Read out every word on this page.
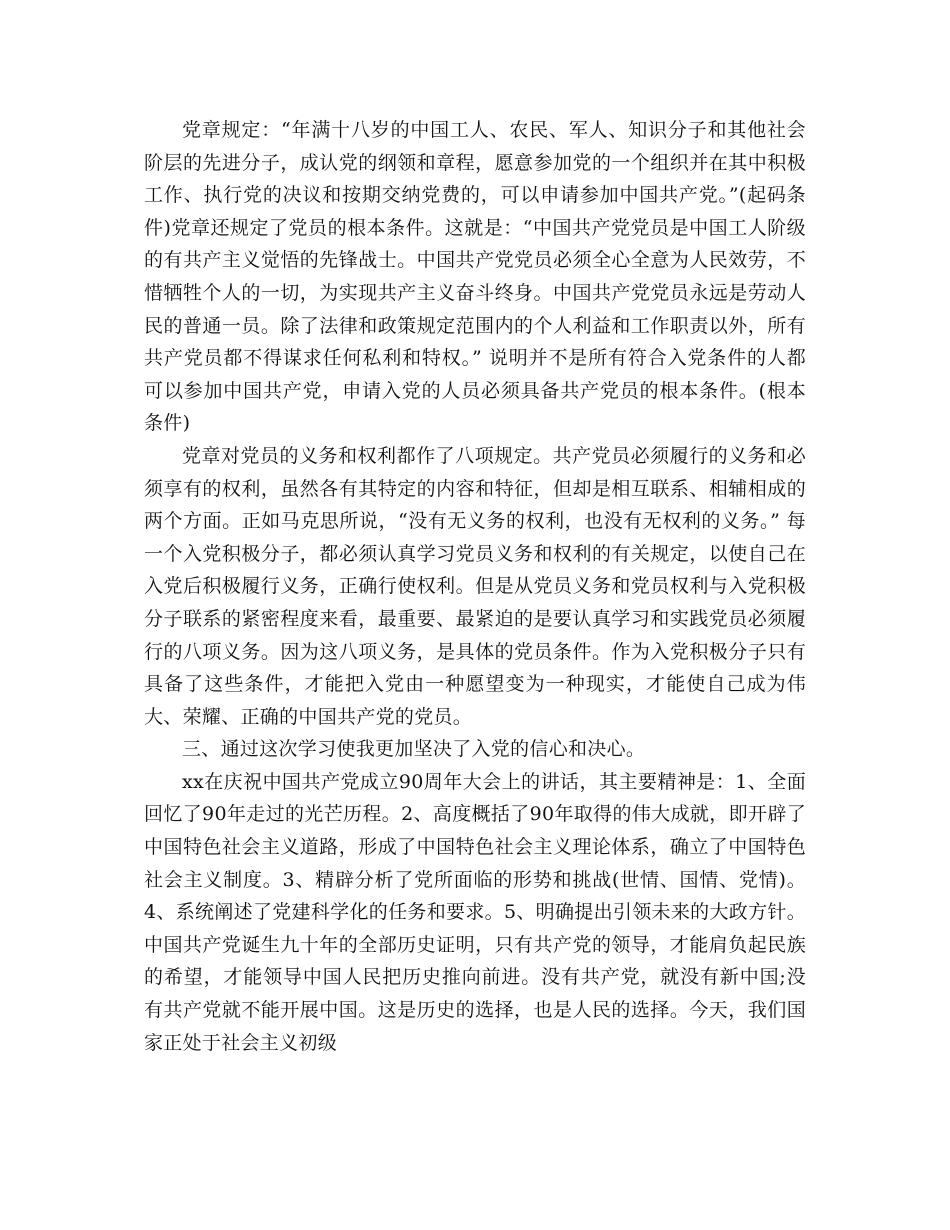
党章规定：“年满十八岁的中国工人、农民、军人、知识分子和其他社会阶层的先进分子，成认党的纲领和章程，愿意参加党的一个组织并在其中积极工作、执行党的决议和按期交纳党费的，可以申请参加中国共产党。”(起码条件)党章还规定了党员的根本条件。这就是：“中国共产党党员是中国工人阶级的有共产主义觉悟的先锋战士。中国共产党党员必须全心全意为人民效劳，不惜牺牲个人的一切，为实现共产主义奋斗终身。中国共产党党员永远是劳动人民的普通一员。除了法律和政策规定范围内的个人利益和工作职责以外，所有共产党员都不得谋求任何私利和特权。” 说明并不是所有符合入党条件的人都可以参加中国共产党，申请入党的人员必须具备共产党员的根本条件。(根本条件)

党章对党员的义务和权利都作了八项规定。共产党员必须履行的义务和必须享有的权利，虽然各有其特定的内容和特征，但却是相互联系、相辅相成的两个方面。正如马克思所说，“没有无义务的权利，也没有无权利的义务。” 每一个入党积极分子，都必须认真学习党员义务和权利的有关规定，以使自己在入党后积极履行义务，正确行使权利。但是从党员义务和党员权利与入党积极分子联系的紧密程度来看，最重要、最紧迫的是要认真学习和实践党员必须履行的八项义务。因为这八项义务，是具体的党员条件。作为入党积极分子只有具备了这些条件，才能把入党由一种愿望变为一种现实，才能使自己成为伟大、荣耀、正确的中国共产党的党员。

三、通过这次学习使我更加坚决了入党的信心和决心。

xx在庆祝中国共产党成立90周年大会上的讲话，其主要精神是：1、全面回忆了90年走过的光芒历程。2、高度概括了90年取得的伟大成就，即开辟了中国特色社会主义道路，形成了中国特色社会主义理论体系，确立了中国特色社会主义制度。3、精辟分析了党所面临的形势和挑战(世情、国情、党情)。4、系统阐述了党建科学化的任务和要求。5、明确提出引领未来的大政方针。中国共产党诞生九十年的全部历史证明，只有共产党的领导，才能肩负起民族的希望，才能领导中国人民把历史推向前进。没有共产党，就没有新中国;没有共产党就不能开展中国。这是历史的选择，也是人民的选择。今天，我们国家正处于社会主义初级
